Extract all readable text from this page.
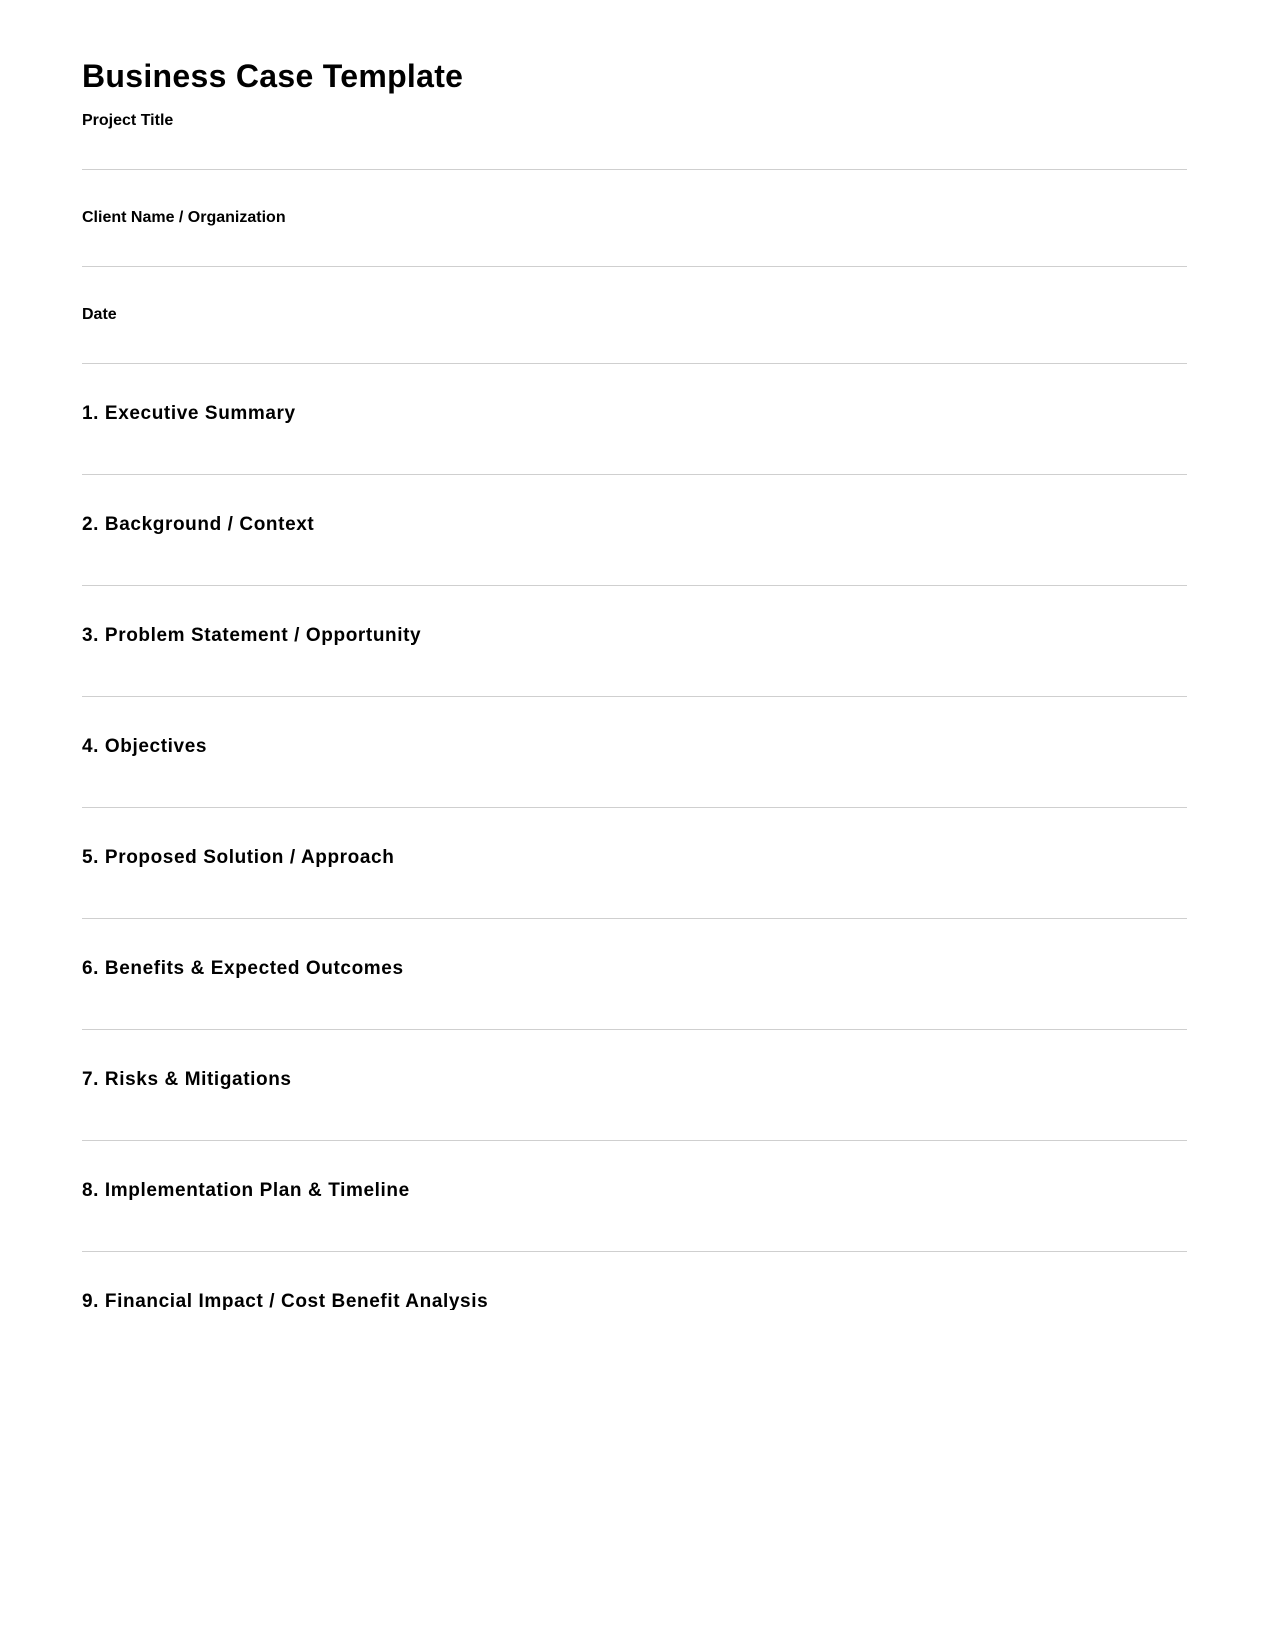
Business Case Template
Project Title
Client Name / Organization
Date
1. Executive Summary
2. Background / Context
3. Problem Statement / Opportunity
4. Objectives
5. Proposed Solution / Approach
6. Benefits & Expected Outcomes
7. Risks & Mitigations
8. Implementation Plan & Timeline
9. Financial Impact / Cost Benefit Analysis
